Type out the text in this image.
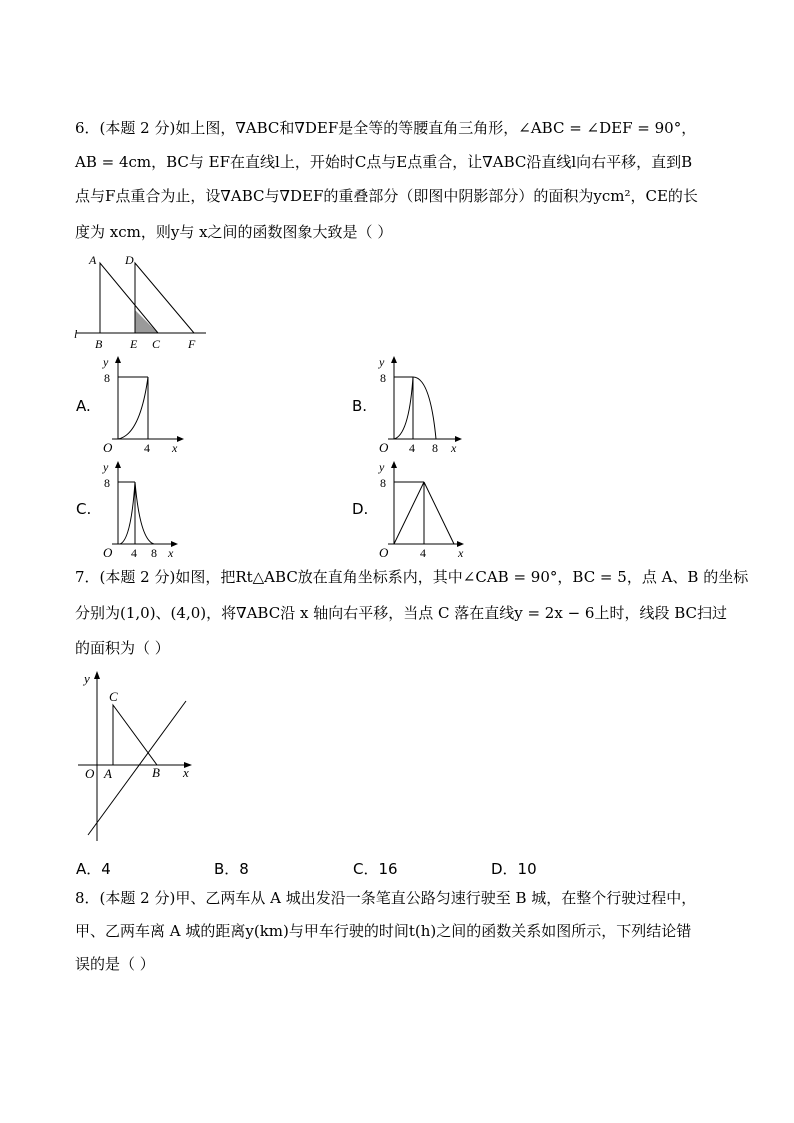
6．(本题 2 分)如上图，∇ABC和∇DEF是全等的等腰直角三角形，∠ABC = ∠DEF = 90°，
AB = 4cm，BC与 EF在直线l上，开始时C点与E点重合，让∇ABC沿直线l向右平移，直到B
点与F点重合为止，设∇ABC与∇DEF的重叠部分（即图中阴影部分）的面积为ycm²，CE的长
度为 xcm，则y与 x之间的函数图象大致是（ ）
A D
l
B E C F
A.
y
8
O	4 x
B.
y
8
O 4 8 x
C.
y
8
O 4 8 x
D.
y
8
O	4	x
7．(本题 2 分)如图，把Rt△ABC放在直角坐标系内，其中∠CAB = 90°，BC = 5，点 A、B 的坐标
分别为(1,0)、(4,0)，将∇ABC沿 x 轴向右平移，当点 C 落在直线y = 2x − 6上时，线段 BC扫过
的面积为（ ）
y
C
O A	B x
A．4	B．8	C．16	D．10
8．(本题 2 分)甲、乙两车从 A 城出发沿一条笔直公路匀速行驶至 B 城，在整个行驶过程中，
甲、乙两车离 A 城的距离y(km)与甲车行驶的时间t(h)之间的函数关系如图所示，下列结论错
误的是（ ）
